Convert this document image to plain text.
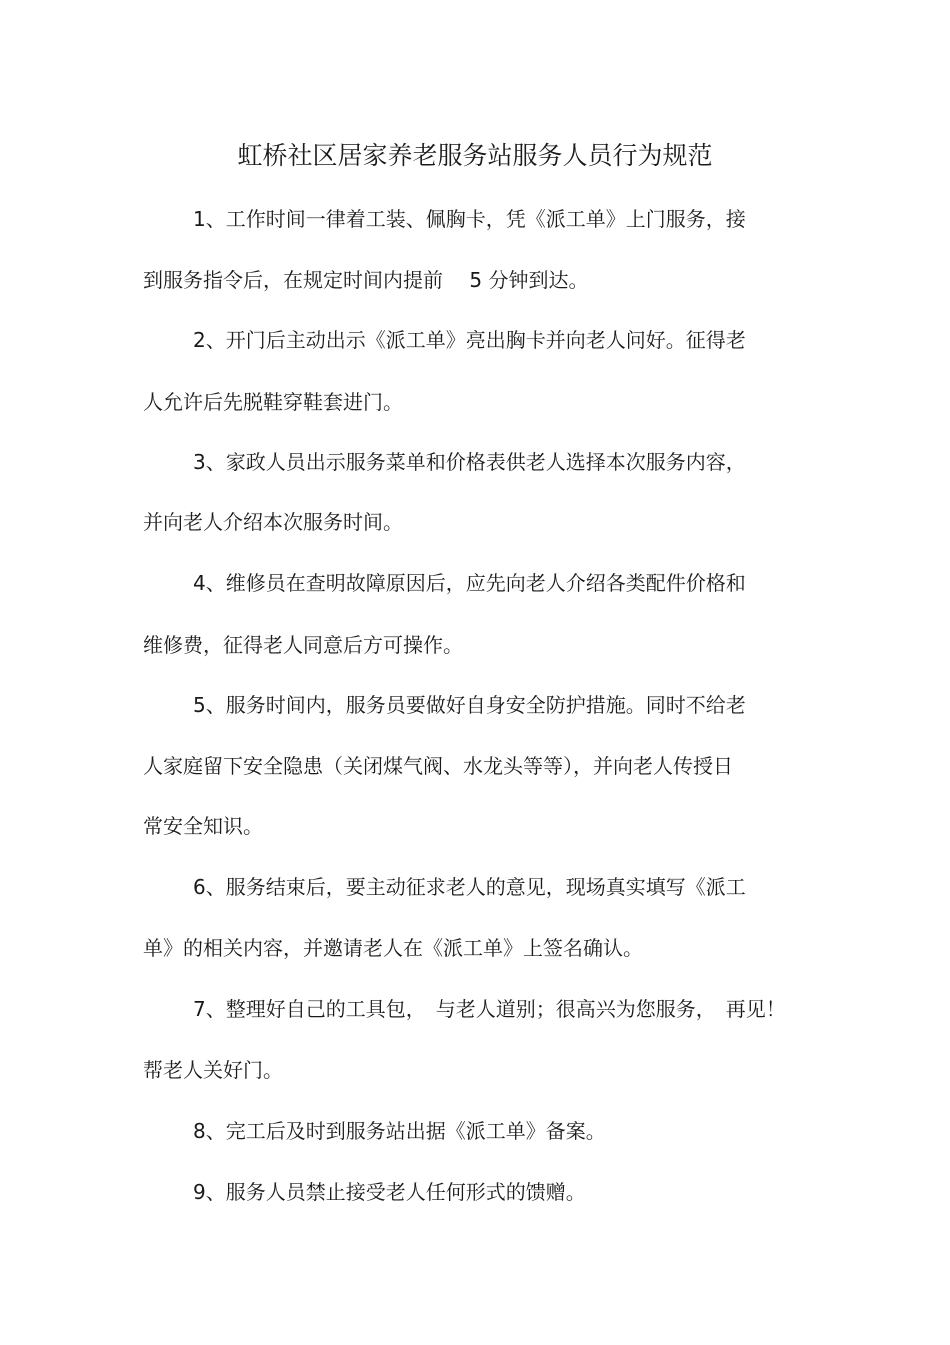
虹桥社区居家养老服务站服务人员行为规范
1、工作时间一律着工装、佩胸卡，凭《派工单》上门服务，接
到服务指令后，在规定时间内提前　 5 分钟到达。
2、开门后主动出示《派工单》亮出胸卡并向老人问好。征得老
人允许后先脱鞋穿鞋套进门。
3、家政人员出示服务菜单和价格表供老人选择本次服务内容，
并向老人介绍本次服务时间。
4、维修员在查明故障原因后，应先向老人介绍各类配件价格和
维修费，征得老人同意后方可操作。
5、服务时间内，服务员要做好自身安全防护措施。同时不给老
人家庭留下安全隐患（关闭煤气阀、水龙头等等），并向老人传授日
常安全知识。
6、服务结束后，要主动征求老人的意见，现场真实填写《派工
单》的相关内容，并邀请老人在《派工单》上签名确认。
7、整理好自己的工具包，　与老人道别；很高兴为您服务，　再见！
帮老人关好门。
8、完工后及时到服务站出据《派工单》备案。
9、服务人员禁止接受老人任何形式的馈赠。
